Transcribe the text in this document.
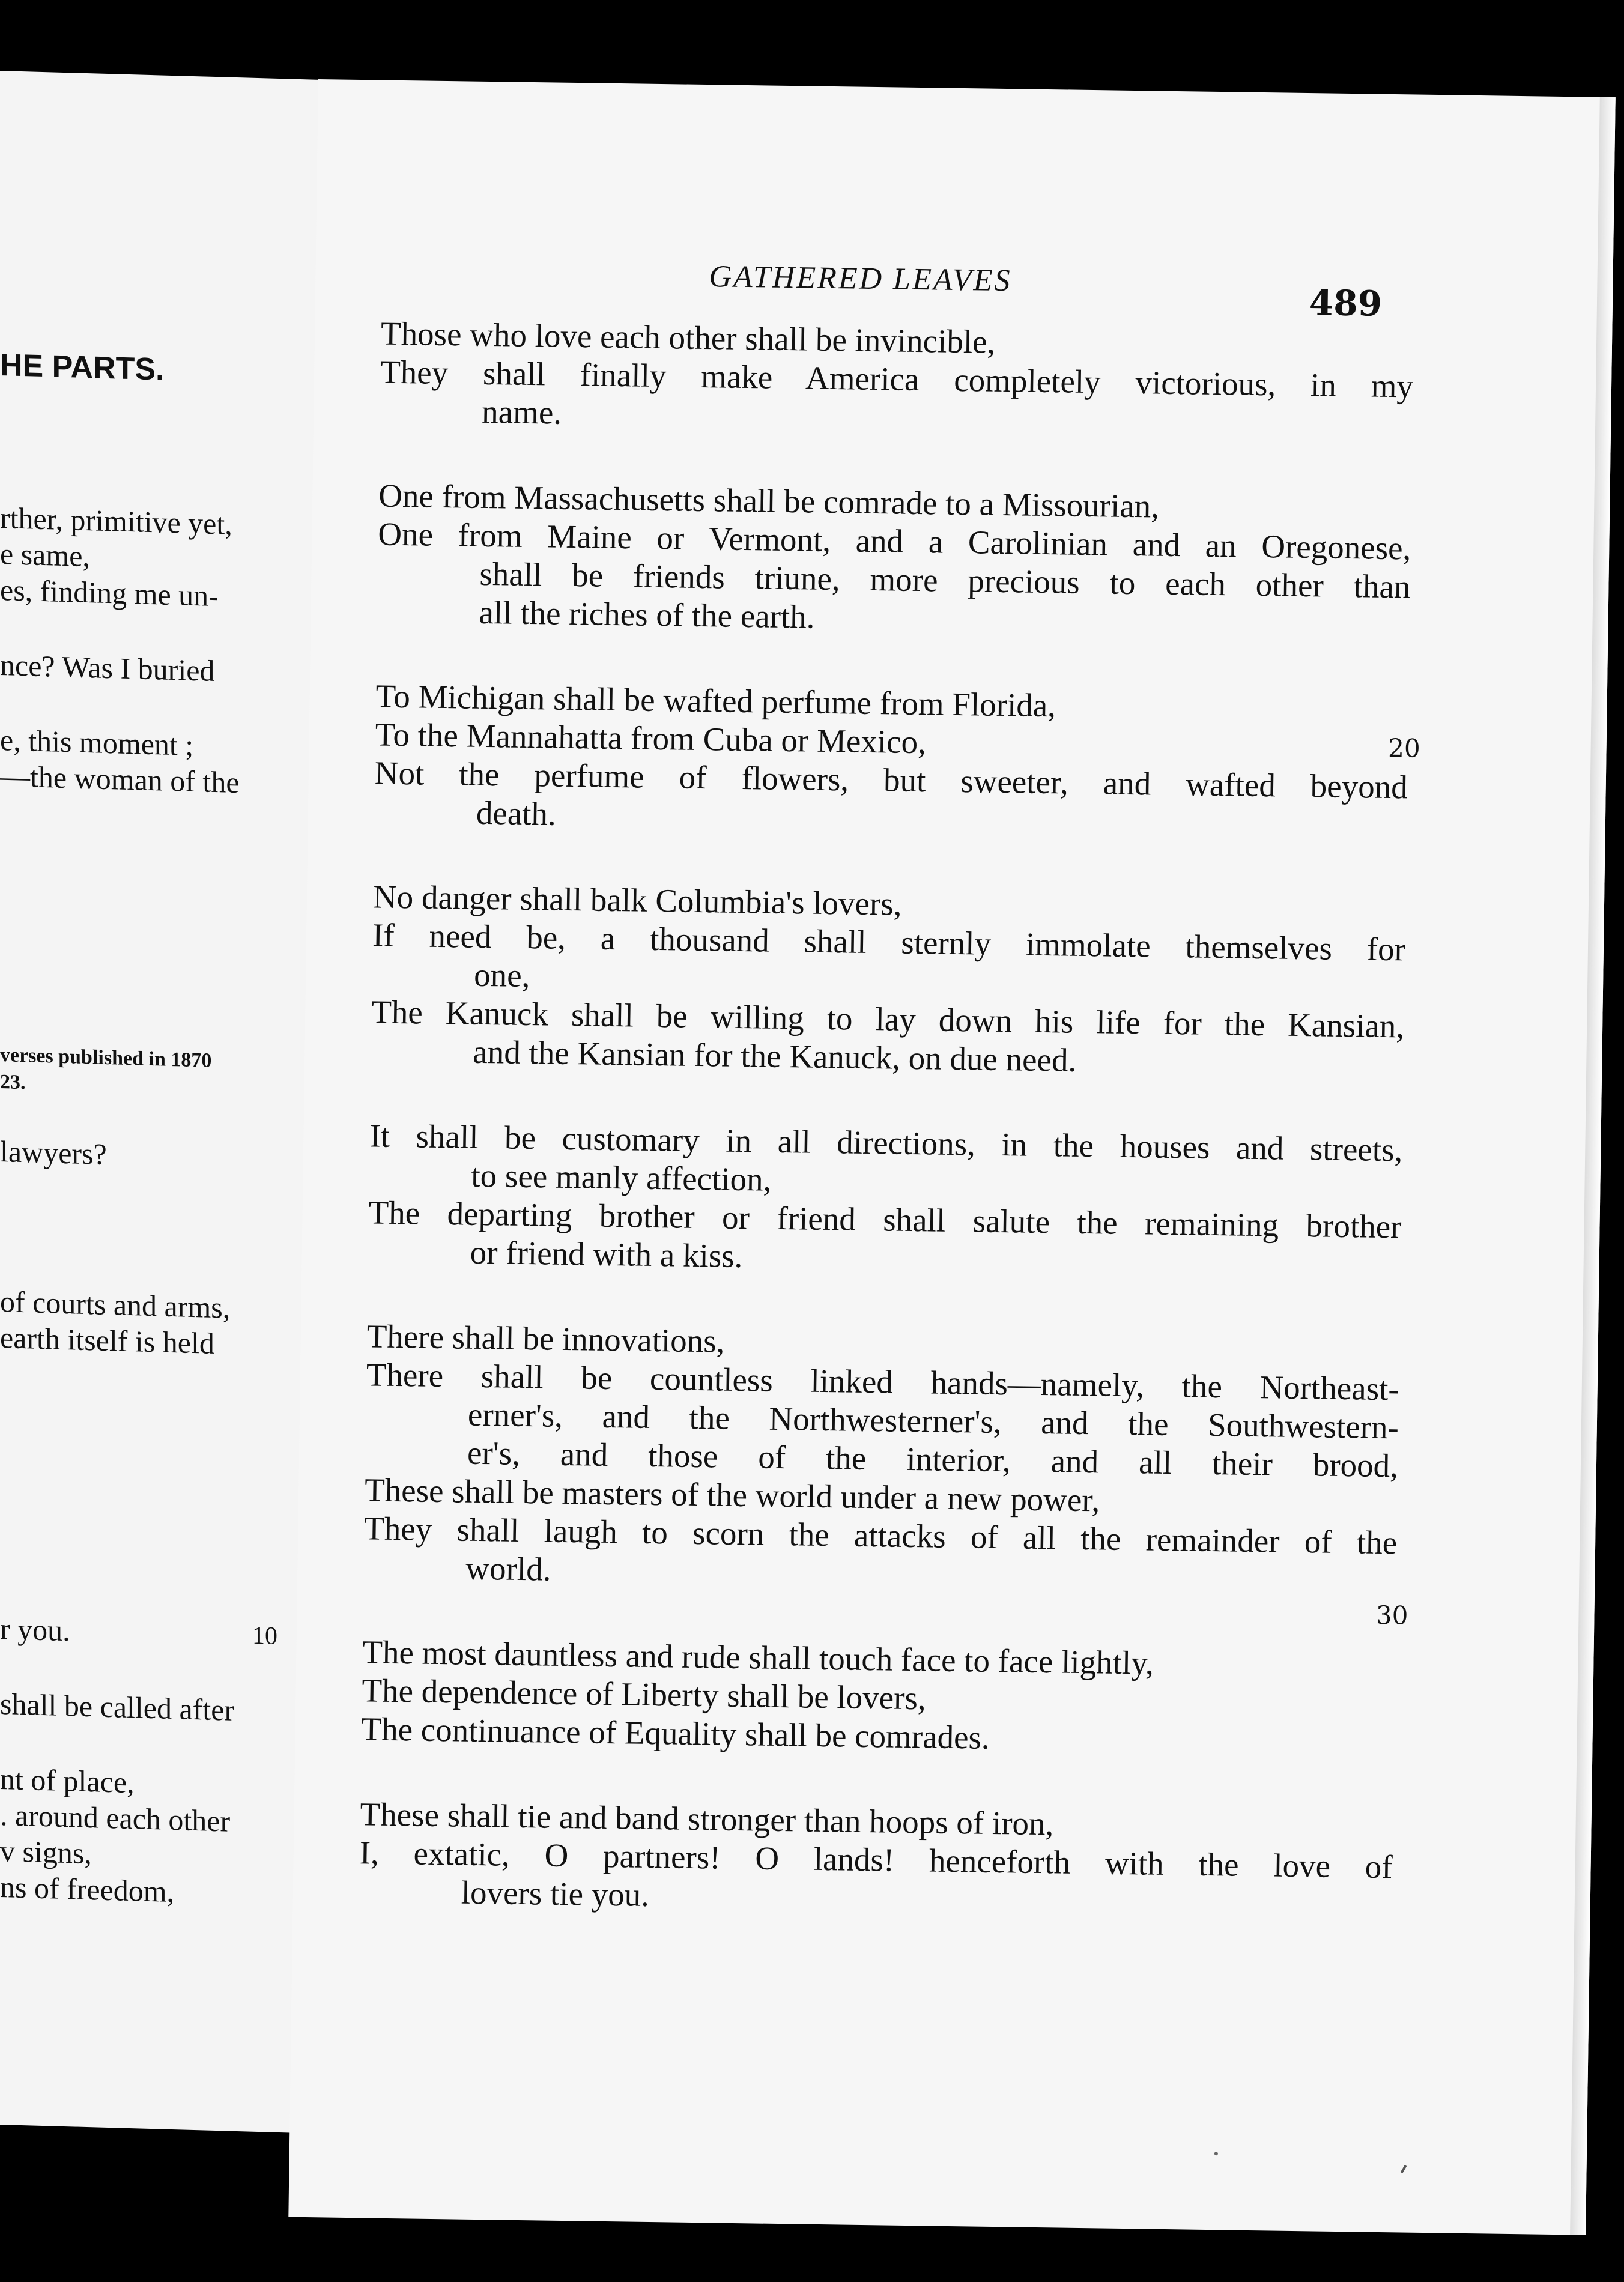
HE PARTS.
rther, primitive yet,
e same,
es, finding me un-
nce? Was I buried
e, this moment ;
—the woman of the
verses published in 1870
23.
lawyers?
of courts and arms,
earth itself is held
r you.	10
shall be called after
nt of place,
. around each other
v signs,
ns of freedom,
GATHERED LEAVES
489
Those who love each other shall be invincible,
They shall finally make America completely victorious, in my
name.
One from Massachusetts shall be comrade to a Missourian,
One from Maine or Vermont, and a Carolinian and an Oregonese,
shall be friends triune, more precious to each other than
all the riches of the earth.
To Michigan shall be wafted perfume from Florida,
To the Mannahatta from Cuba or Mexico,	20
Not the perfume of flowers, but sweeter, and wafted beyond
death.
No danger shall balk Columbia's lovers,
If need be, a thousand shall sternly immolate themselves for
one,
The Kanuck shall be willing to lay down his life for the Kansian,
and the Kansian for the Kanuck, on due need.
It shall be customary in all directions, in the houses and streets,
to see manly affection,
The departing brother or friend shall salute the remaining brother
or friend with a kiss.
There shall be innovations,
There shall be countless linked hands—namely, the Northeast-
erner's, and the Northwesterner's, and the Southwestern-
er's, and those of the interior, and all their brood,
These shall be masters of the world under a new power,
They shall laugh to scorn the attacks of all the remainder of the
world.
30
The most dauntless and rude shall touch face to face lightly,
The dependence of Liberty shall be lovers,
The continuance of Equality shall be comrades.
These shall tie and band stronger than hoops of iron,
I, extatic, O partners! O lands! henceforth with the love of
lovers tie you.
